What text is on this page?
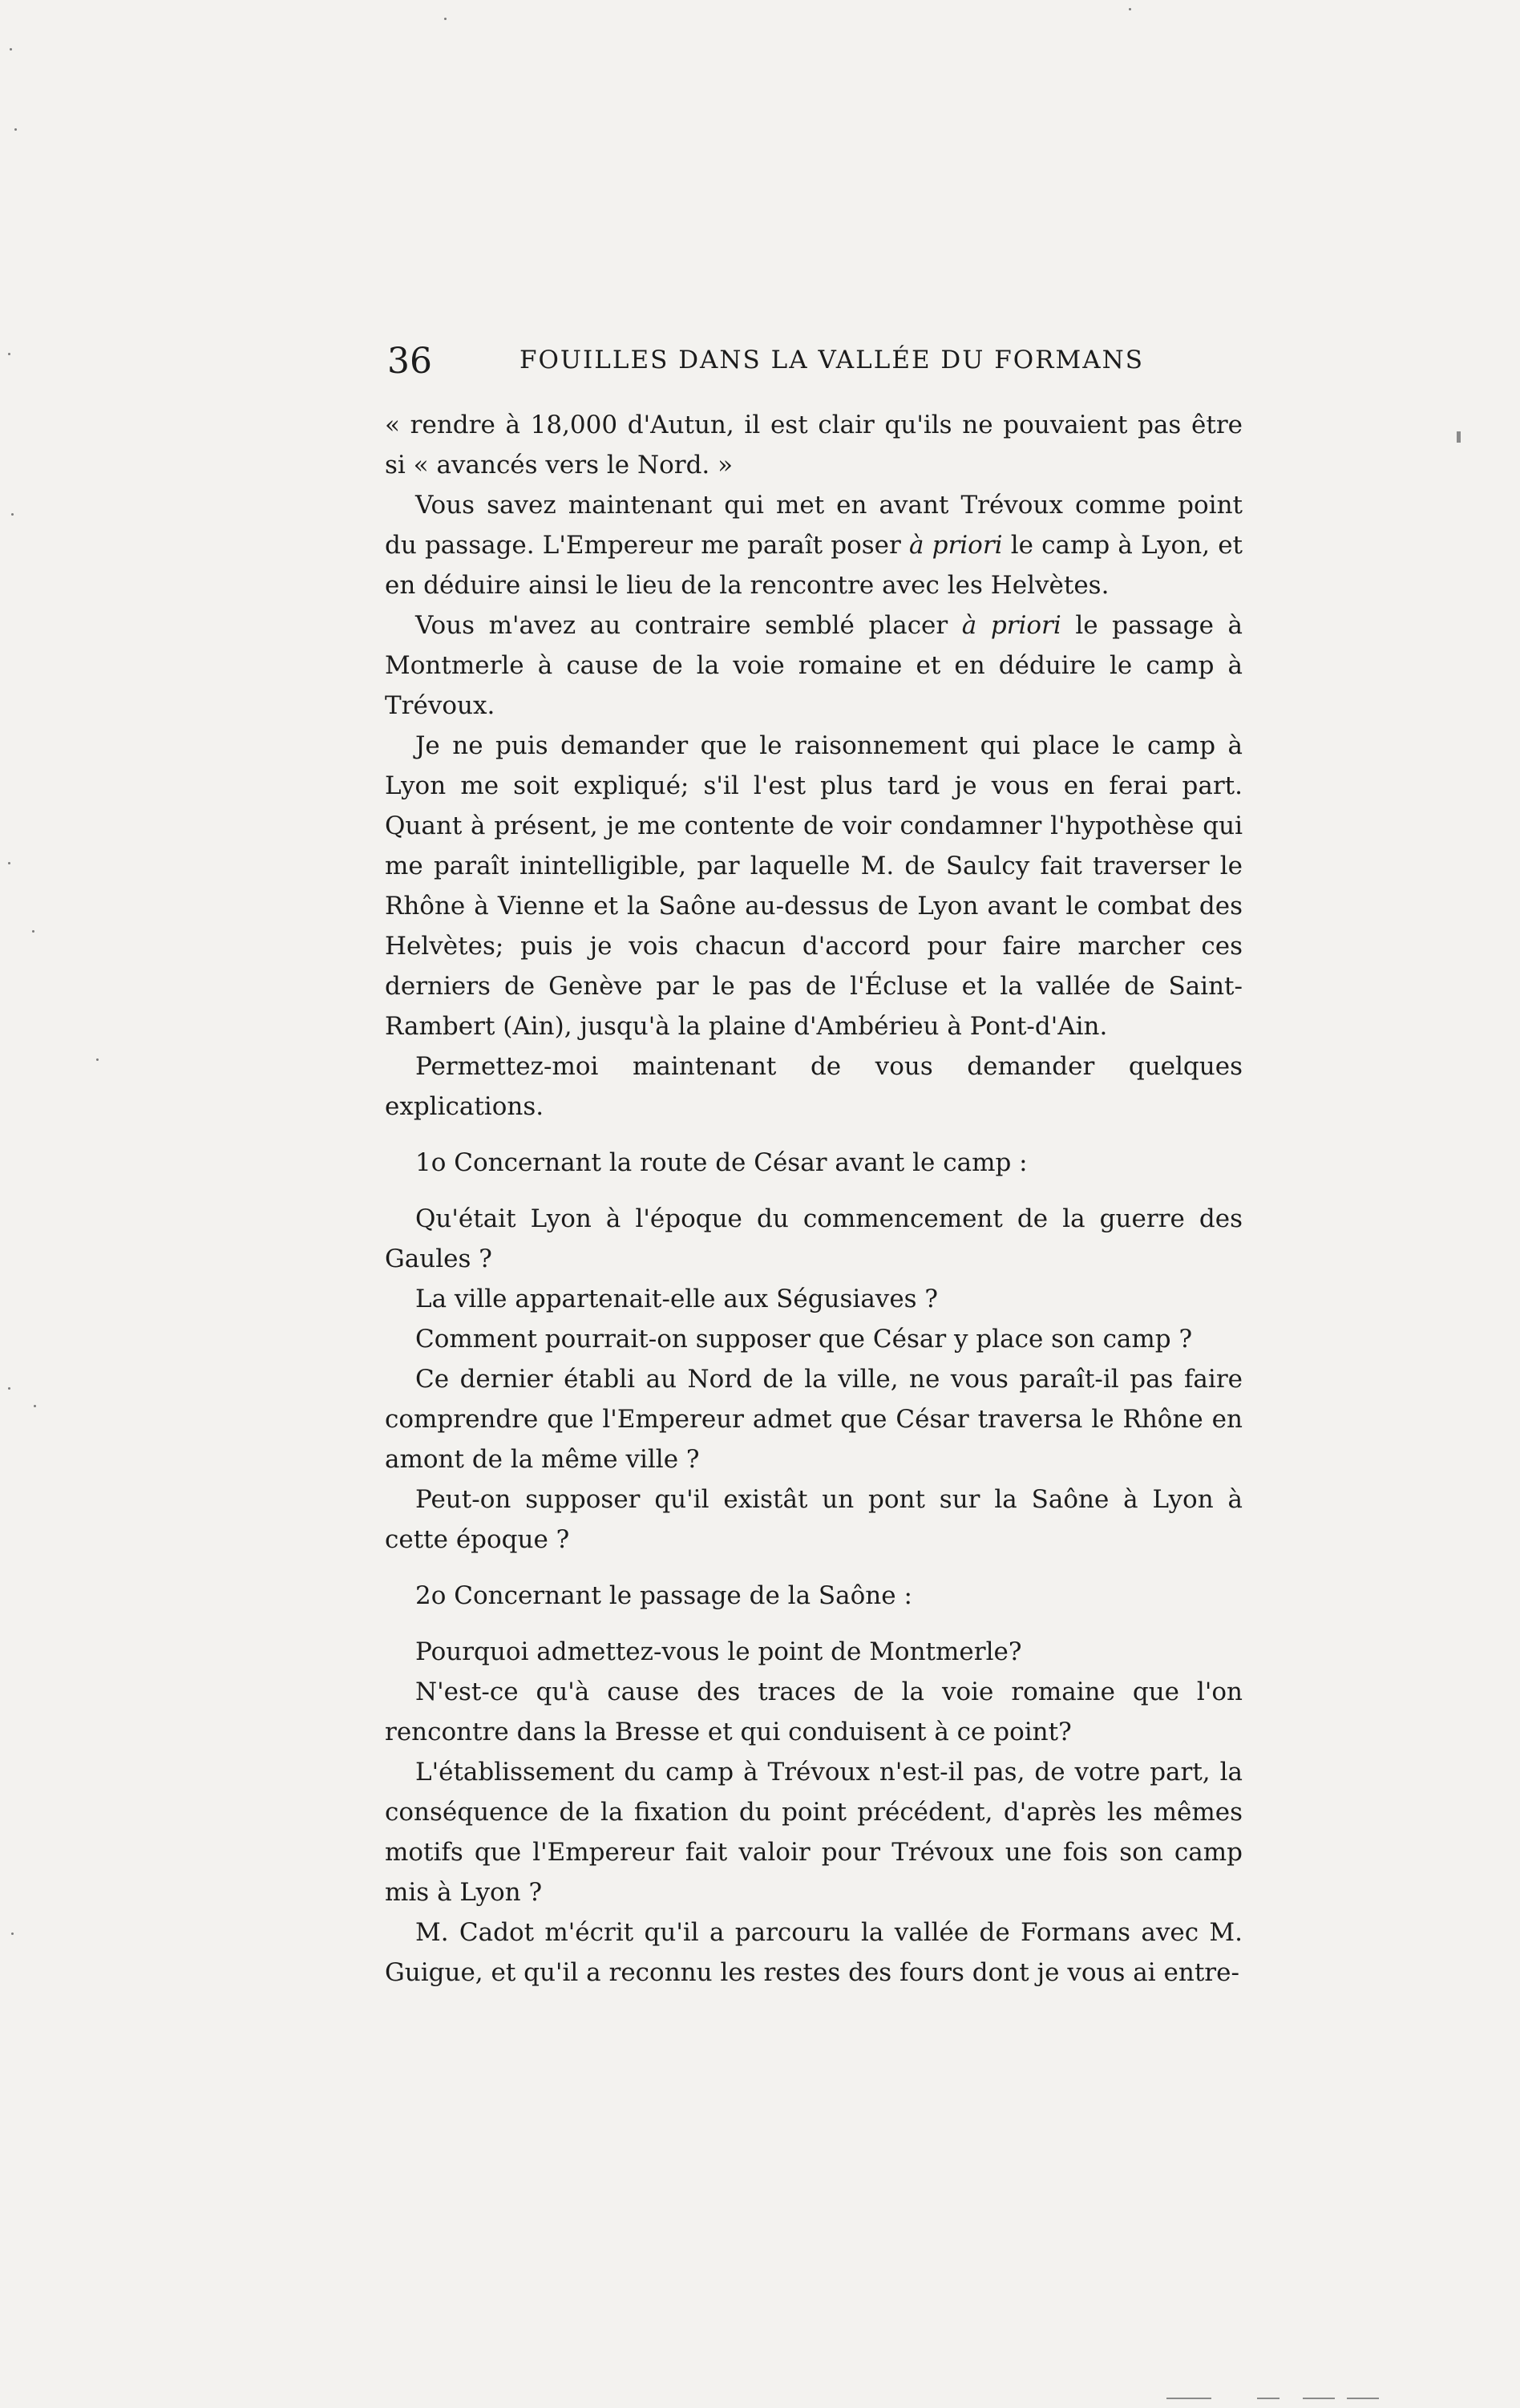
36	FOUILLES DANS LA VALLÉE DU FORMANS

« rendre à 18,000 d'Autun, il est clair qu'ils ne pouvaient pas être si « avancés vers le Nord. »

Vous savez maintenant qui met en avant Trévoux comme point du passage. L'Empereur me paraît poser à priori le camp à Lyon, et en déduire ainsi le lieu de la rencontre avec les Helvètes.

Vous m'avez au contraire semblé placer à priori le passage à Montmerle à cause de la voie romaine et en déduire le camp à Trévoux.

Je ne puis demander que le raisonnement qui place le camp à Lyon me soit expliqué; s'il l'est plus tard je vous en ferai part. Quant à présent, je me contente de voir condamner l'hypothèse qui me paraît inintelligible, par laquelle M. de Saulcy fait traverser le Rhône à Vienne et la Saône au-dessus de Lyon avant le combat des Helvètes; puis je vois chacun d'accord pour faire marcher ces derniers de Genève par le pas de l'Écluse et la vallée de Saint-Rambert (Ain), jusqu'à la plaine d'Ambérieu à Pont-d'Ain.

Permettez-moi maintenant de vous demander quelques explications.

1o Concernant la route de César avant le camp :

Qu'était Lyon à l'époque du commencement de la guerre des Gaules ?

La ville appartenait-elle aux Ségusiaves ?

Comment pourrait-on supposer que César y place son camp ?

Ce dernier établi au Nord de la ville, ne vous paraît-il pas faire comprendre que l'Empereur admet que César traversa le Rhône en amont de la même ville ?

Peut-on supposer qu'il existât un pont sur la Saône à Lyon à cette époque ?

2o Concernant le passage de la Saône :

Pourquoi admettez-vous le point de Montmerle?

N'est-ce qu'à cause des traces de la voie romaine que l'on rencontre dans la Bresse et qui conduisent à ce point?

L'établissement du camp à Trévoux n'est-il pas, de votre part, la conséquence de la fixation du point précédent, d'après les mêmes motifs que l'Empereur fait valoir pour Trévoux une fois son camp mis à Lyon ?

M. Cadot m'écrit qu'il a parcouru la vallée de Formans avec M. Guigue, et qu'il a reconnu les restes des fours dont je vous ai entre-
